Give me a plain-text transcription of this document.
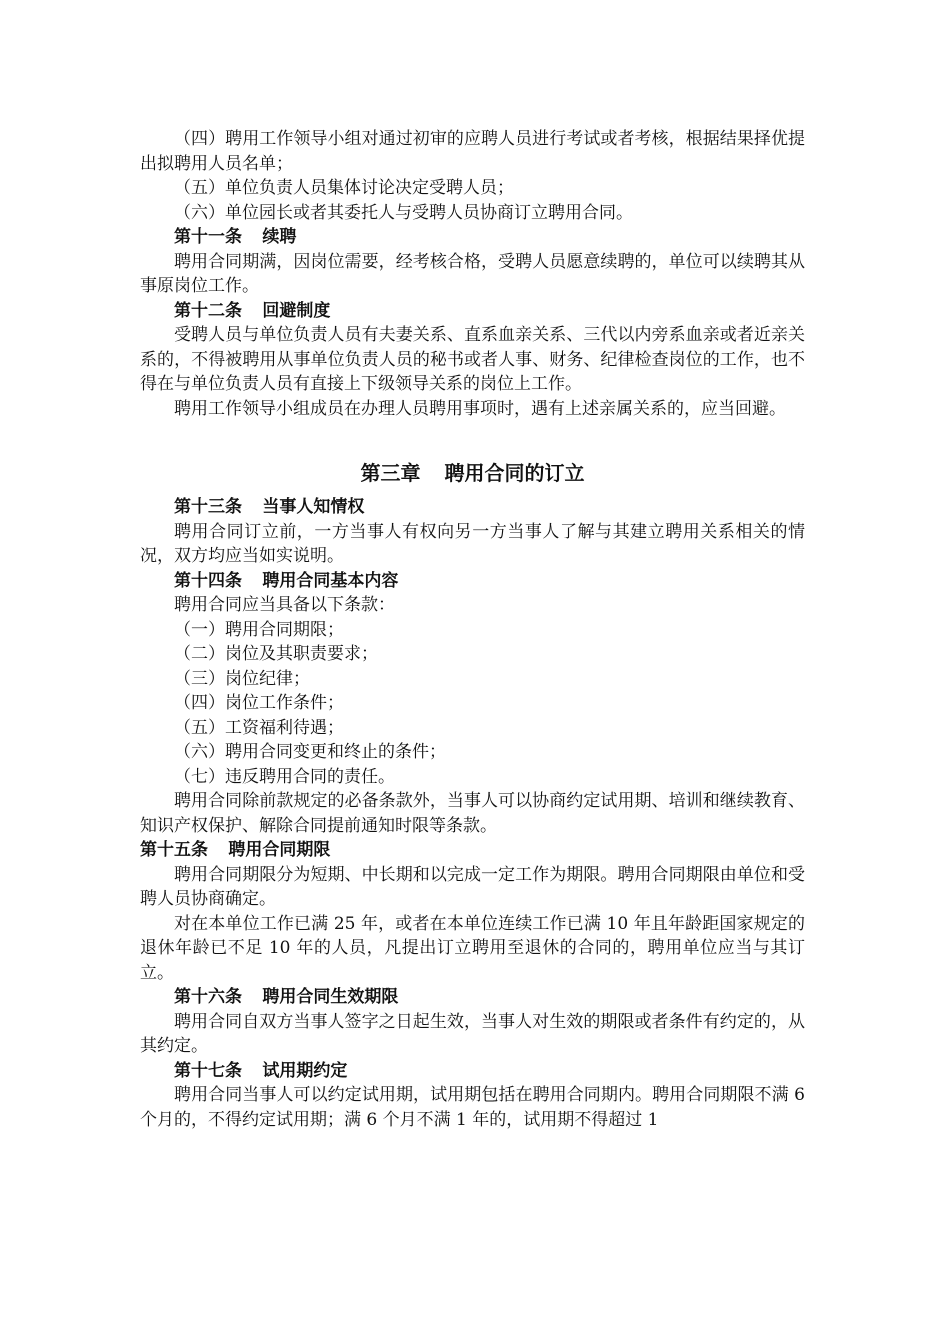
（四）聘用工作领导小组对通过初审的应聘人员进行考试或者考核，根据结果择优提出拟聘用人员名单；
（五）单位负责人员集体讨论决定受聘人员；
（六）单位园长或者其委托人与受聘人员协商订立聘用合同。
第十一条 续聘
聘用合同期满，因岗位需要，经考核合格，受聘人员愿意续聘的，单位可以续聘其从事原岗位工作。
第十二条 回避制度
受聘人员与单位负责人员有夫妻关系、直系血亲关系、三代以内旁系血亲或者近亲关系的，不得被聘用从事单位负责人员的秘书或者人事、财务、纪律检查岗位的工作，也不得在与单位负责人员有直接上下级领导关系的岗位上工作。
聘用工作领导小组成员在办理人员聘用事项时，遇有上述亲属关系的，应当回避。
第三章 聘用合同的订立
第十三条 当事人知情权
聘用合同订立前，一方当事人有权向另一方当事人了解与其建立聘用关系相关的情况，双方均应当如实说明。
第十四条 聘用合同基本内容
聘用合同应当具备以下条款：
（一）聘用合同期限；
（二）岗位及其职责要求；
（三）岗位纪律；
（四）岗位工作条件；
（五）工资福利待遇；
（六）聘用合同变更和终止的条件；
（七）违反聘用合同的责任。
聘用合同除前款规定的必备条款外，当事人可以协商约定试用期、培训和继续教育、知识产权保护、解除合同提前通知时限等条款。
第十五条 聘用合同期限
聘用合同期限分为短期、中长期和以完成一定工作为期限。聘用合同期限由单位和受聘人员协商确定。
对在本单位工作已满 25 年，或者在本单位连续工作已满 10 年且年龄距国家规定的退休年龄已不足 10 年的人员，凡提出订立聘用至退休的合同的，聘用单位应当与其订立。
第十六条 聘用合同生效期限
聘用合同自双方当事人签字之日起生效，当事人对生效的期限或者条件有约定的，从其约定。
第十七条 试用期约定
聘用合同当事人可以约定试用期，试用期包括在聘用合同期内。聘用合同期限不满 6 个月的，不得约定试用期；满 6 个月不满 1 年的，试用期不得超过 1
